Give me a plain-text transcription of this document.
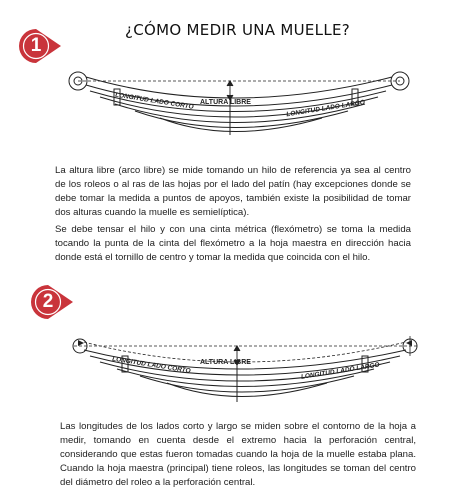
1
¿CÓMO MEDIR UNA MUELLE?
LONGITUD LADO CORTO ALTURA LIBRE	LONGITUD LADO LARGO
La altura libre (arco libre) se mide tomando un hilo de referencia ya sea al centro de los roleos o al ras de las hojas por el lado del patín (hay excepciones donde se debe tomar la medida a puntos de apoyos, también existe la posibilidad de tomar dos alturas cuando la muelle es semielíptica).
Se debe tensar el hilo y con una cinta métrica (flexómetro) se toma la medida tocando la punta de la cinta del flexómetro a la hoja maestra en dirección hacia donde está el tornillo de centro y tomar la medida que coincida con el hilo.
2
LONGITUD LADO CORTO ALTURA LIBRE	LONGITUD LADO LARGO
Las longitudes de los lados corto y largo se miden sobre el contorno de la hoja a medir, tomando en cuenta desde el extremo hacia la perforación central, considerando que estas fueron tomadas cuando la hoja de la muelle estaba plana. Cuando la hoja maestra (principal) tiene roleos, las longitudes se toman del centro del diámetro del roleo a la perforación central.
